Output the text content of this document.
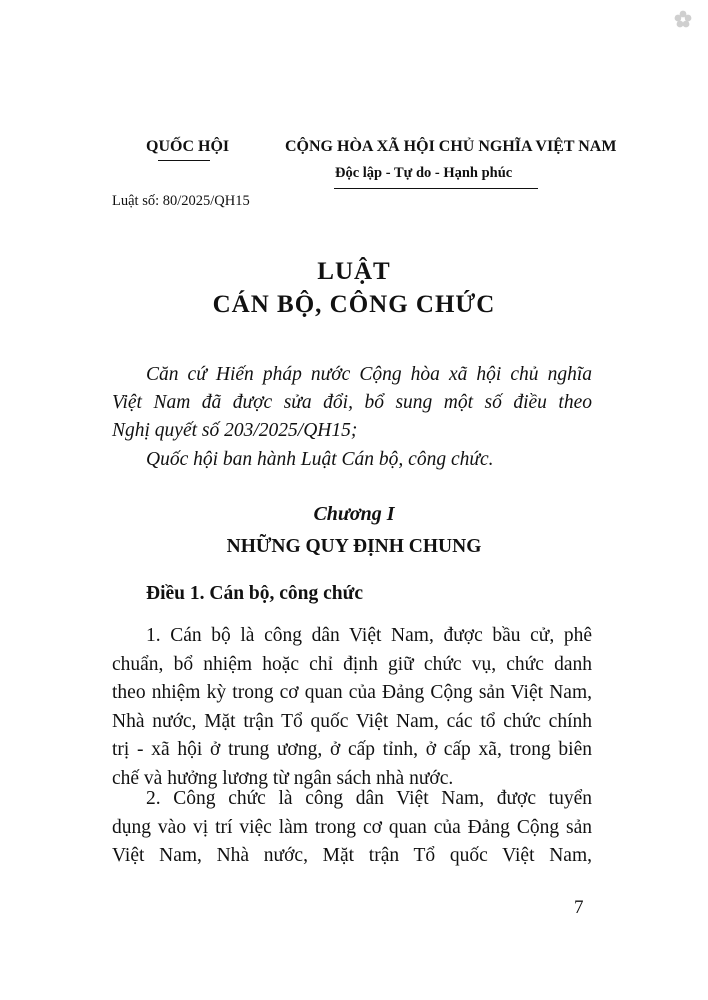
QUỐC HỘI	CỘNG HÒA XÃ HỘI CHỦ NGHĨA VIỆT NAM
Độc lập - Tự do - Hạnh phúc
Luật số: 80/2025/QH15
LUẬT
CÁN BỘ, CÔNG CHỨC
Căn cứ Hiến pháp nước Cộng hòa xã hội chủ nghĩa
Việt Nam đã được sửa đổi, bổ sung một số điều theo
Nghị quyết số 203/2025/QH15;
Quốc hội ban hành Luật Cán bộ, công chức.
Chương I
NHỮNG QUY ĐỊNH CHUNG
Điều 1. Cán bộ, công chức
1. Cán bộ là công dân Việt Nam, được bầu cử, phê
chuẩn, bổ nhiệm hoặc chỉ định giữ chức vụ, chức danh
theo nhiệm kỳ trong cơ quan của Đảng Cộng sản Việt Nam,
Nhà nước, Mặt trận Tổ quốc Việt Nam, các tổ chức chính
trị - xã hội ở trung ương, ở cấp tỉnh, ở cấp xã, trong biên
chế và hưởng lương từ ngân sách nhà nước.
2. Công chức là công dân Việt Nam, được tuyển
dụng vào vị trí việc làm trong cơ quan của Đảng Cộng sản
Việt Nam, Nhà nước, Mặt trận Tổ quốc Việt Nam,
7
